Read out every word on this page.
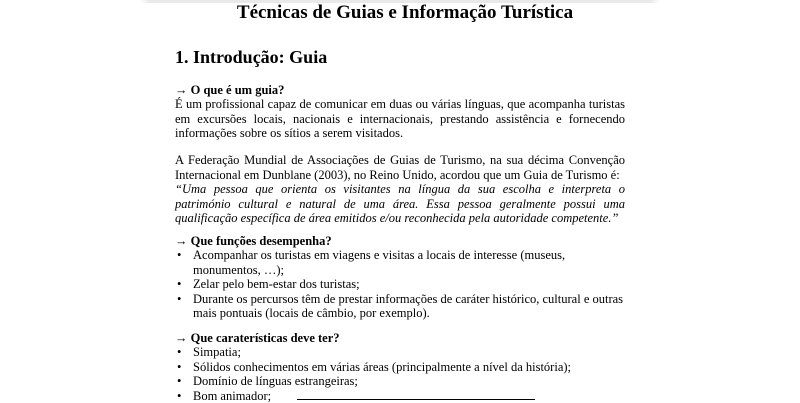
Técnicas de Guias e Informação Turística
1. Introdução: Guia
→ O que é um guia?

É um profissional capaz de comunicar em duas ou várias línguas, que acompanha turistas em excursões locais, nacionais e internacionais, prestando assistência e fornecendo informações sobre os sítios a serem visitados.

A Federação Mundial de Associações de Guias de Turismo, na sua décima Convenção Internacional em Dunblane (2003), no Reino Unido, acordou que um Guia de Turismo é:
“Uma pessoa que orienta os visitantes na língua da sua escolha e interpreta o património cultural e natural de uma área. Essa pessoa geralmente possui uma qualificação específica de área emitidos e/ou reconhecida pela autoridade competente.”

→ Que funções desempenha?
• Acompanhar os turistas em viagens e visitas a locais de interesse (museus, monumentos, …);
• Zelar pelo bem-estar dos turistas;
• Durante os percursos têm de prestar informações de caráter histórico, cultural e outras mais pontuais (locais de câmbio, por exemplo).
→ Que caraterísticas deve ter?
• Simpatia;
• Sólidos conhecimentos em várias áreas (principalmente a nível da história);
• Domínio de línguas estrangeiras;
• Bom animador;
